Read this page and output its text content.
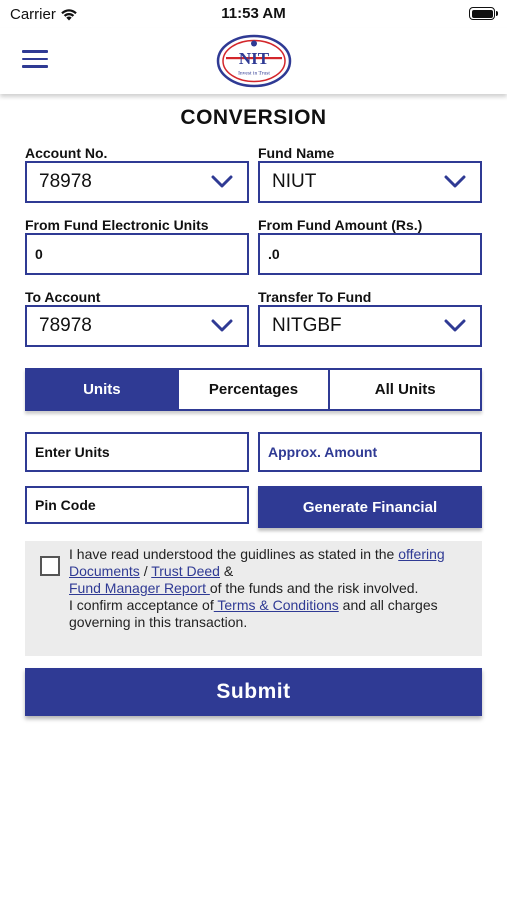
Carrier	11:53 AM
NIT
Invest in Trust
CONVERSION
Account No.
78978
Fund Name
NIUT
From Fund Electronic Units
0
From Fund Amount (Rs.)
.0
To Account
78978
Transfer To Fund
NITGBF
Units	Percentages	All Units
Enter Units	Approx. Amount
Pin Code	Generate Financial
I have read understood the guidlines as stated in the offering Documents / Trust Deed &
Fund Manager Report of the funds and the risk involved.
I confirm acceptance of Terms & Conditions and all charges governing in this transaction.
Submit
